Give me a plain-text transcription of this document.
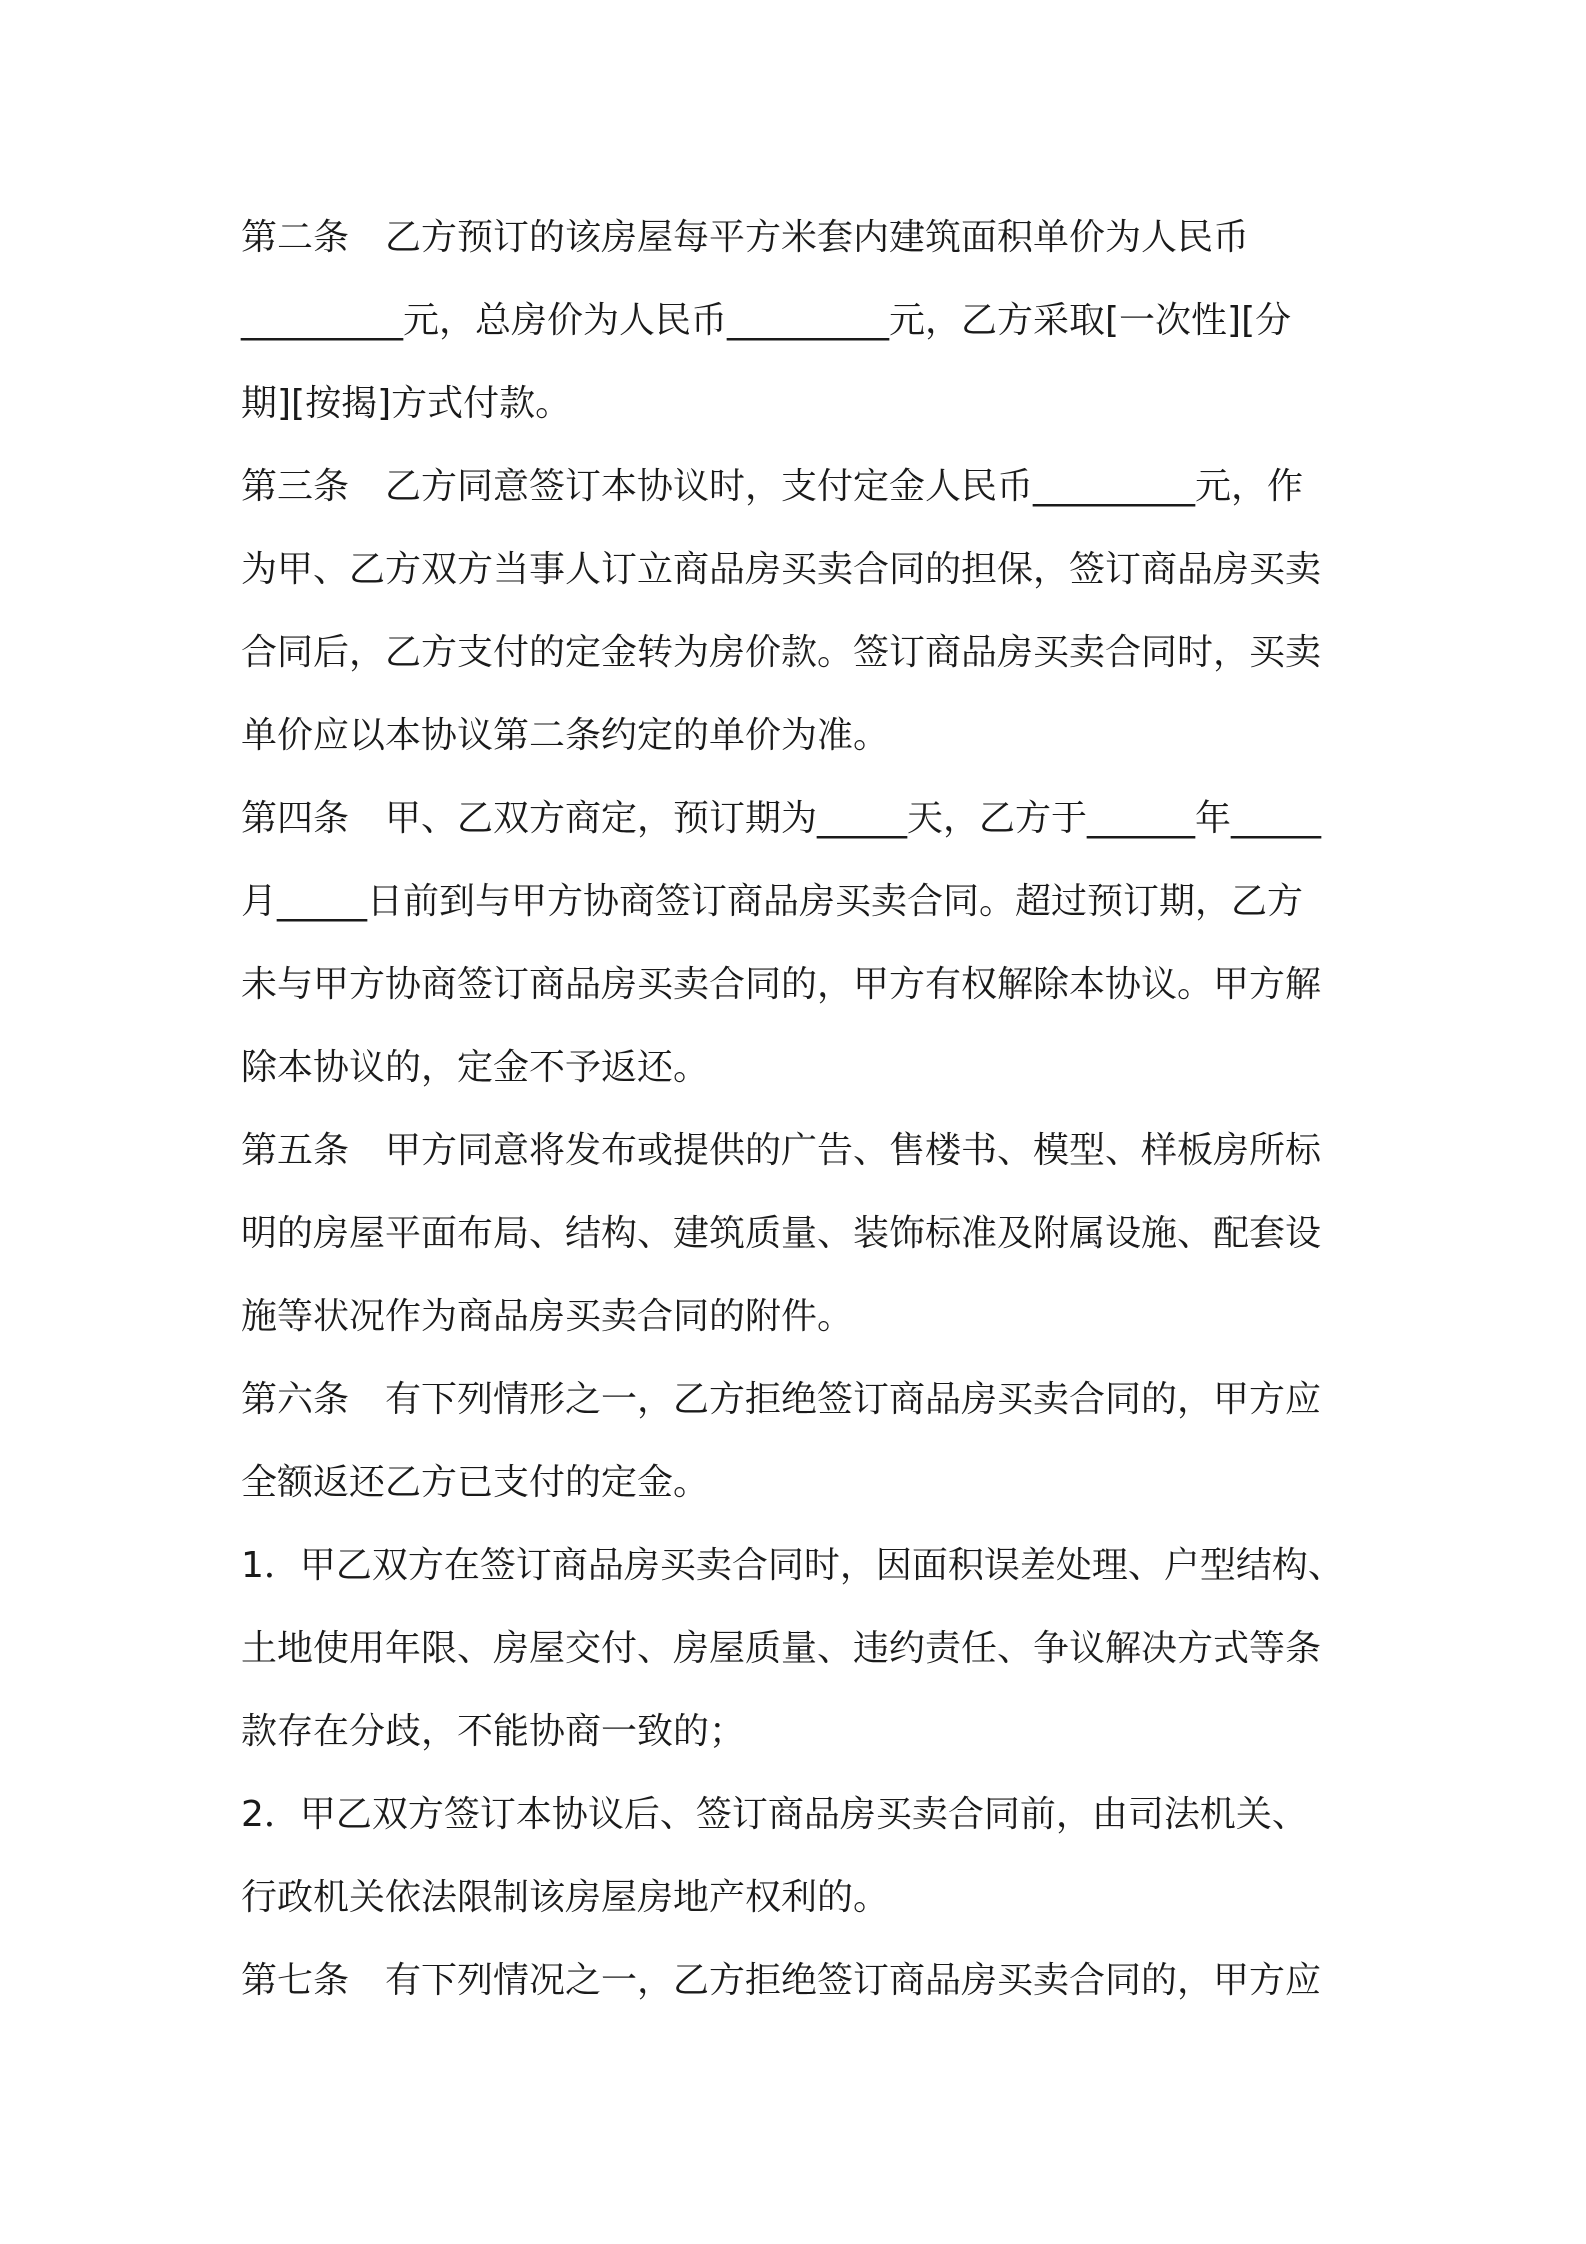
第二条　乙方预订的该房屋每平方米套内建筑面积单价为人民币
_________元，总房价为人民币_________元，乙方采取[一次性][分
期][按揭]方式付款。
第三条　乙方同意签订本协议时，支付定金人民币_________元，作
为甲、乙方双方当事人订立商品房买卖合同的担保，签订商品房买卖
合同后，乙方支付的定金转为房价款。签订商品房买卖合同时，买卖
单价应以本协议第二条约定的单价为准。
第四条　甲、乙双方商定，预订期为_____天，乙方于______年_____
月_____日前到与甲方协商签订商品房买卖合同。超过预订期，乙方
未与甲方协商签订商品房买卖合同的，甲方有权解除本协议。甲方解
除本协议的，定金不予返还。
第五条　甲方同意将发布或提供的广告、售楼书、模型、样板房所标
明的房屋平面布局、结构、建筑质量、装饰标准及附属设施、配套设
施等状况作为商品房买卖合同的附件。
第六条　有下列情形之一，乙方拒绝签订商品房买卖合同的，甲方应
全额返还乙方已支付的定金。
1．甲乙双方在签订商品房买卖合同时，因面积误差处理、户型结构、
土地使用年限、房屋交付、房屋质量、违约责任、争议解决方式等条
款存在分歧，不能协商一致的；
2．甲乙双方签订本协议后、签订商品房买卖合同前，由司法机关、
行政机关依法限制该房屋房地产权利的。
第七条　有下列情况之一，乙方拒绝签订商品房买卖合同的，甲方应
